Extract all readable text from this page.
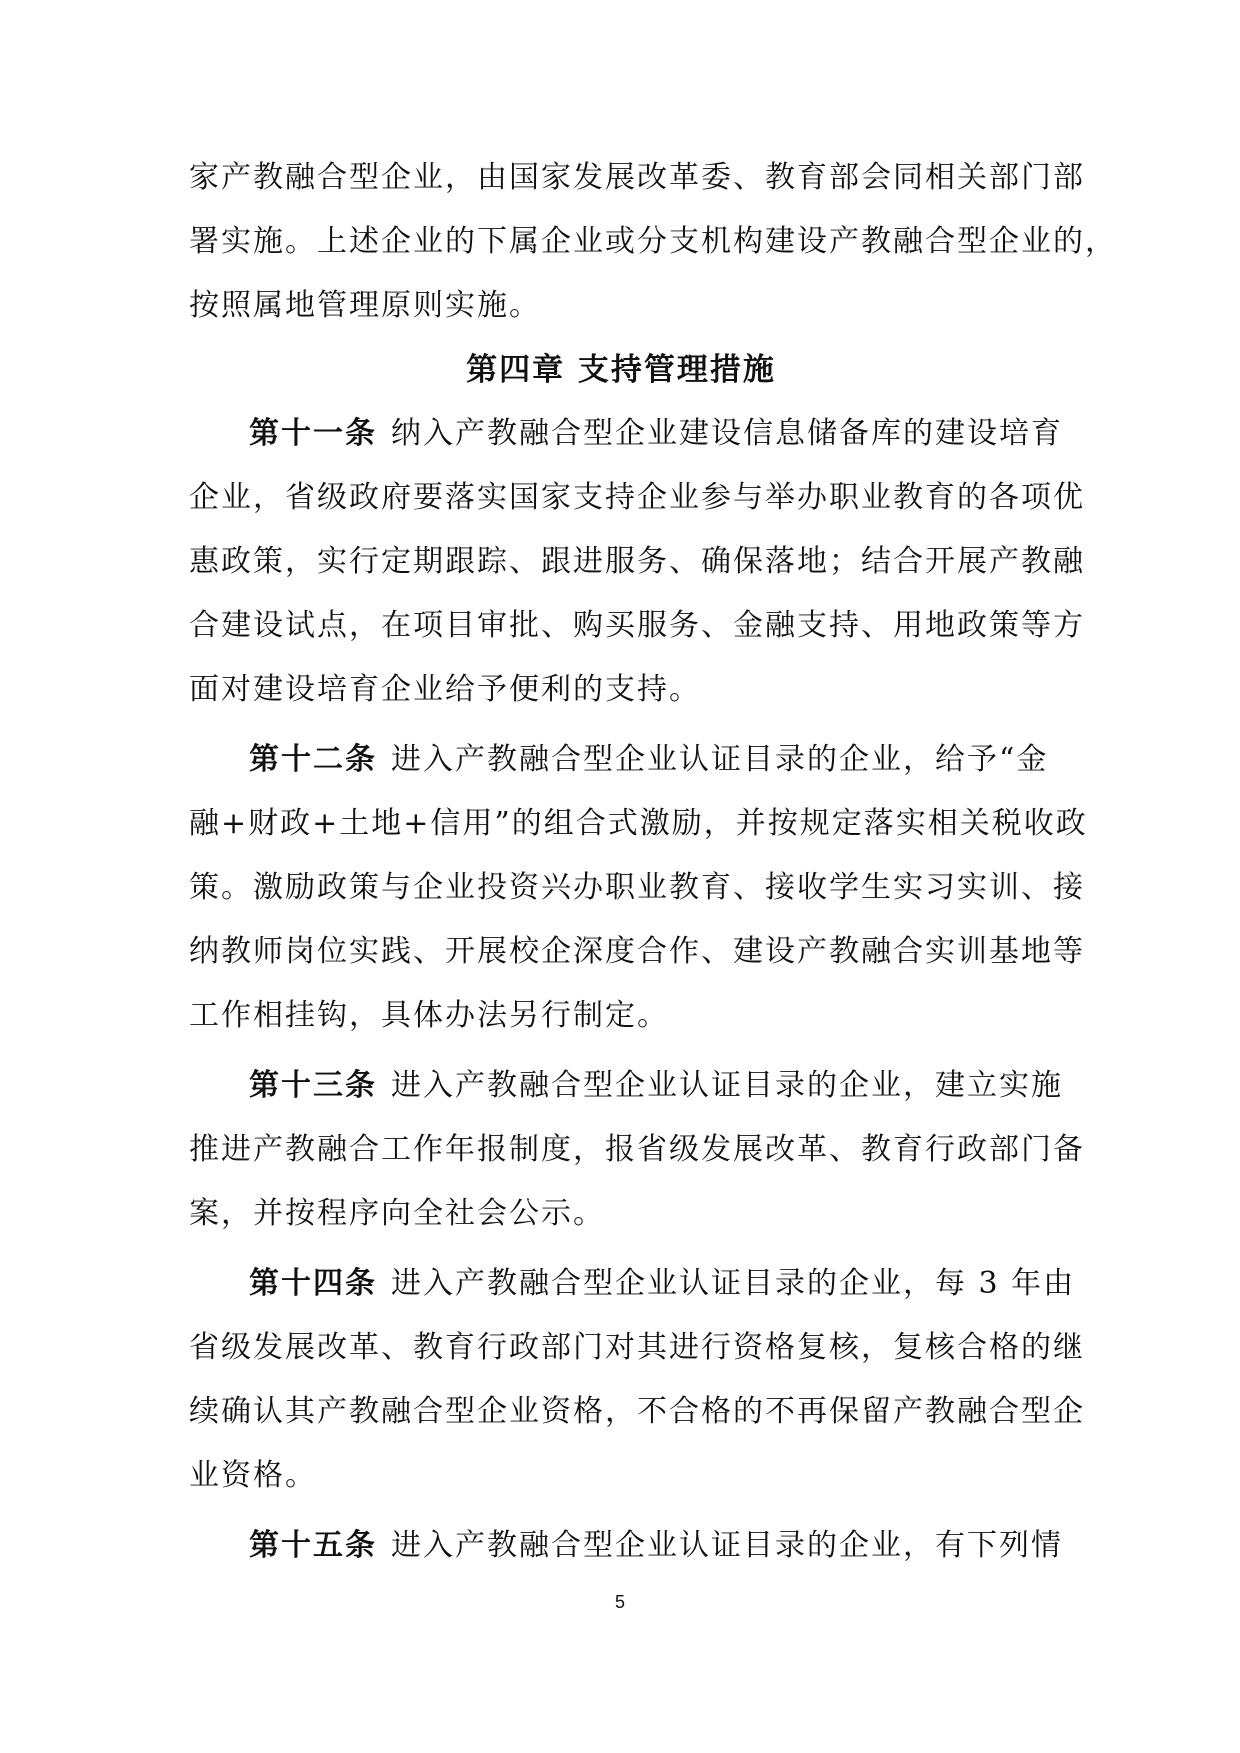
家产教融合型企业，由国家发展改革委、教育部会同相关部门部
署实施。上述企业的下属企业或分支机构建设产教融合型企业的，
按照属地管理原则实施。
第四章 支持管理措施
第十一条 纳入产教融合型企业建设信息储备库的建设培育
企业，省级政府要落实国家支持企业参与举办职业教育的各项优
惠政策，实行定期跟踪、跟进服务、确保落地；结合开展产教融
合建设试点，在项目审批、购买服务、金融支持、用地政策等方
面对建设培育企业给予便利的支持。
第十二条 进入产教融合型企业认证目录的企业，给予“金
融+财政+土地+信用”的组合式激励，并按规定落实相关税收政
策。激励政策与企业投资兴办职业教育、接收学生实习实训、接
纳教师岗位实践、开展校企深度合作、建设产教融合实训基地等
工作相挂钩，具体办法另行制定。
第十三条 进入产教融合型企业认证目录的企业，建立实施
推进产教融合工作年报制度，报省级发展改革、教育行政部门备
案，并按程序向全社会公示。
第十四条 进入产教融合型企业认证目录的企业，每 3 年由
省级发展改革、教育行政部门对其进行资格复核，复核合格的继
续确认其产教融合型企业资格，不合格的不再保留产教融合型企
业资格。
第十五条 进入产教融合型企业认证目录的企业，有下列情
5
